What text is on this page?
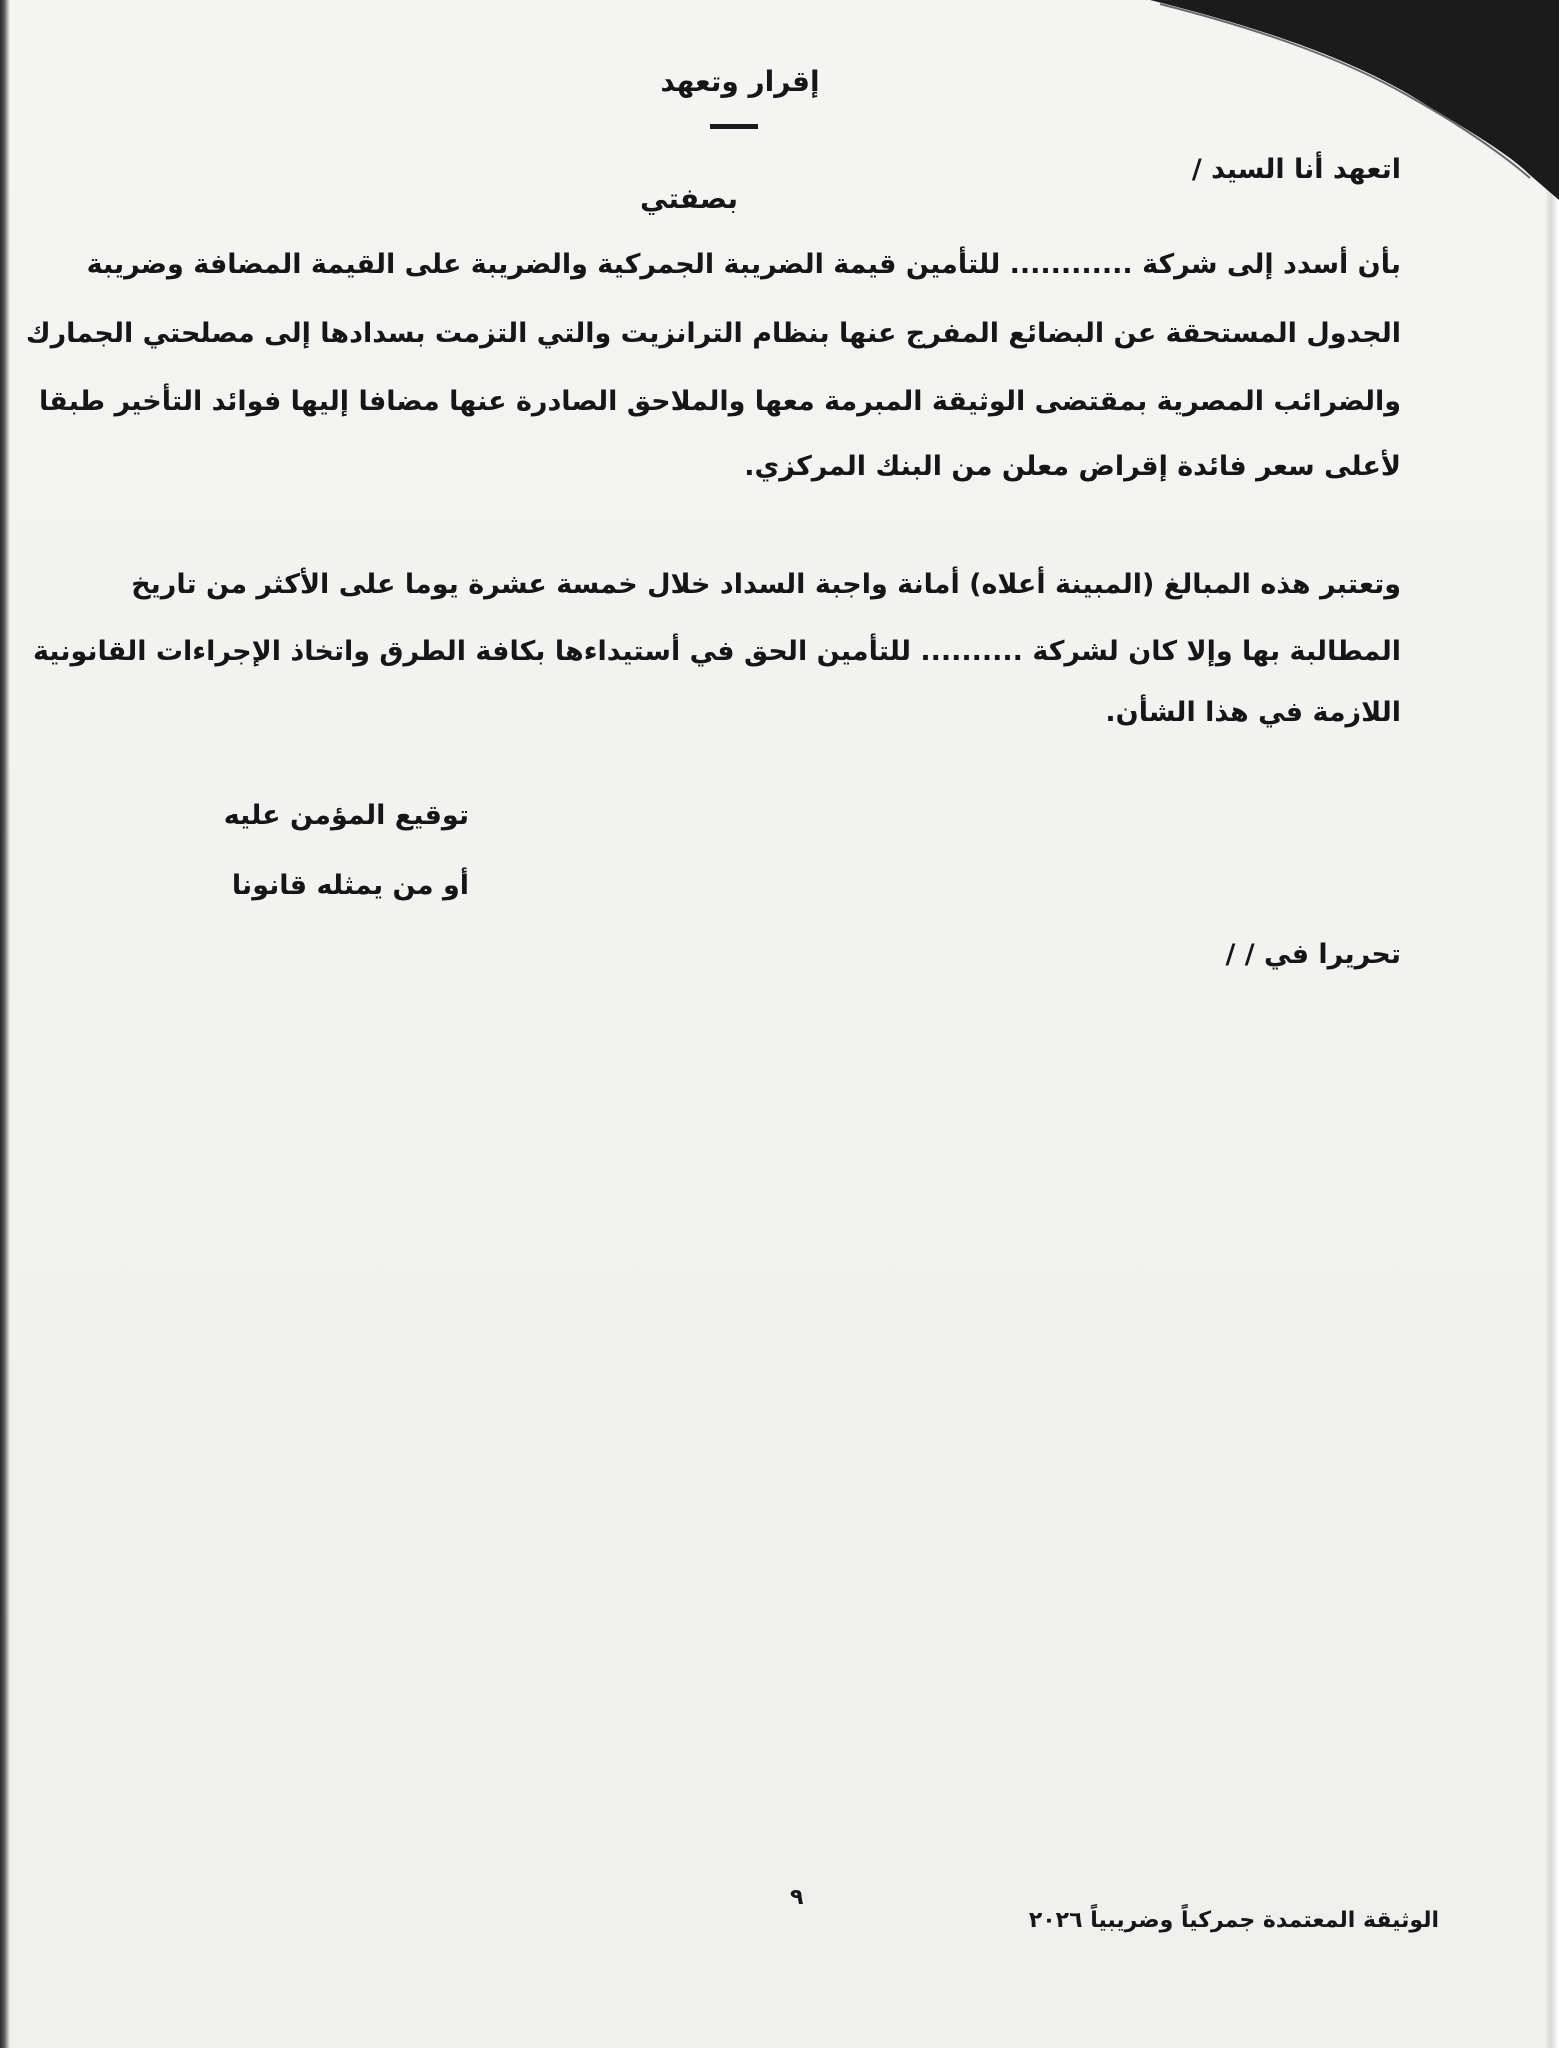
إقرار وتعهد
اتعهد أنا السيد /
بصفتي
بأن أسدد إلى شركة ............ للتأمين قيمة الضريبة الجمركية والضريبة على القيمة المضافة وضريبة
الجدول المستحقة عن البضائع المفرج عنها بنظام الترانزيت والتي التزمت بسدادها إلى مصلحتي الجمارك
والضرائب المصرية بمقتضى الوثيقة المبرمة معها والملاحق الصادرة عنها مضافا إليها فوائد التأخير طبقا
لأعلى سعر فائدة إقراض معلن من البنك المركزي.
وتعتبر هذه المبالغ (المبينة أعلاه) أمانة واجبة السداد خلال خمسة عشرة يوما على الأكثر من تاريخ
المطالبة بها وإلا كان لشركة .......... للتأمين الحق في أستيداءها بكافة الطرق واتخاذ الإجراءات القانونية
اللازمة في هذا الشأن.
توقيع المؤمن عليه
أو من يمثله قانونا
تحريرا في / /
٩
الوثيقة المعتمدة جمركياً وضريبياً ٢٠٢٦
